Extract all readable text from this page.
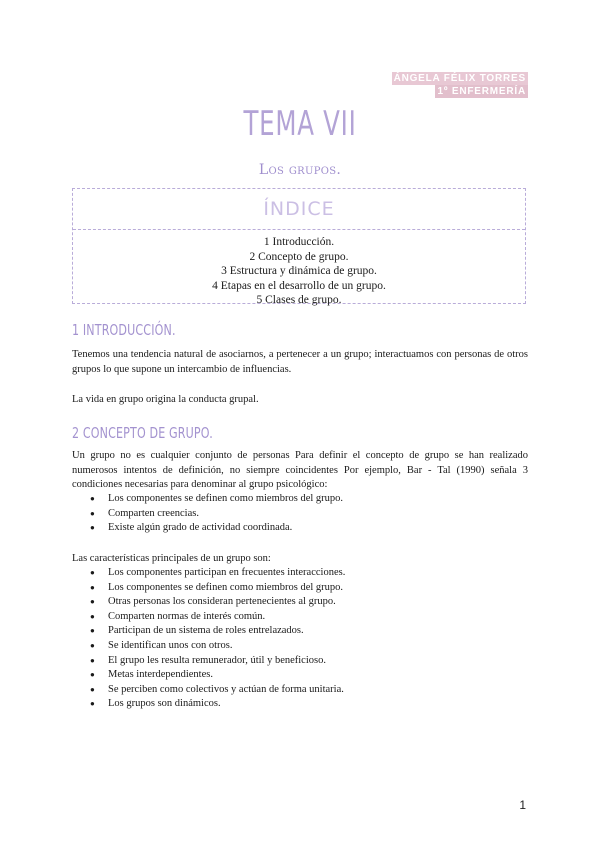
ÁNGELA FÉLIX TORRES
1º ENFERMERÍA
TEMA VII
Los grupos.
ÍNDICE
1 Introducción.
2 Concepto de grupo.
3 Estructura y dinámica de grupo.
4 Etapas en el desarrollo de un grupo.
5 Clases de grupo.
1 INTRODUCCIÓN.
Tenemos una tendencia natural de asociarnos, a pertenecer a un grupo; interactuamos con personas de otros grupos lo que supone un intercambio de influencias.
La vida en grupo origina la conducta grupal.
2 CONCEPTO DE GRUPO.
Un grupo no es cualquier conjunto de personas Para definir el concepto de grupo se han realizado numerosos intentos de definición, no siempre coincidentes Por ejemplo, Bar - Tal (1990) señala 3 condiciones necesarias para denominar al grupo psicológico:
● Los componentes se definen como miembros del grupo.
● Comparten creencias.
● Existe algún grado de actividad coordinada.
Las características principales de un grupo son:
● Los componentes participan en frecuentes interacciones.
● Los componentes se definen como miembros del grupo.
● Otras personas los consideran pertenecientes al grupo.
● Comparten normas de interés común.
● Participan de un sistema de roles entrelazados.
● Se identifican unos con otros.
● El grupo les resulta remunerador, útil y beneficioso.
● Metas interdependientes.
● Se perciben como colectivos y actúan de forma unitaria.
● Los grupos son dinámicos.
1
